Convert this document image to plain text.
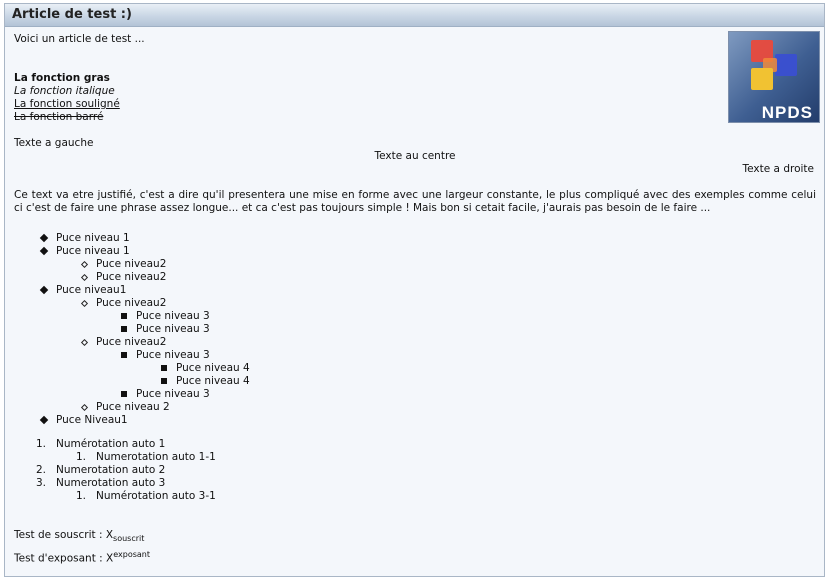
Article de test :)
NPDS

Voici un article de test ...

La fonction gras

La fonction italique

La fonction souligné

La fonction barré

Texte a gauche

Texte au centre

Texte a droite

Ce text va etre justifié, c'est a dire qu'il presentera une mise en forme avec une largeur constante, le plus compliqué avec des exemples comme celui ci c'est de faire une phrase assez longue... et ca c'est pas toujours simple ! Mais bon si cetait facile, j'aurais pas besoin de le faire ...

Puce niveau 1
Puce niveau 1
Puce niveau2
Puce niveau2
Puce niveau1
Puce niveau2
Puce niveau 3
Puce niveau 3
Puce niveau2
Puce niveau 3
Puce niveau 4
Puce niveau 4
Puce niveau 3
Puce niveau 2
Puce Niveau1
1. Numérotation auto 1
1. Numerotation auto 1-1
2. Numerotation auto 2
3. Numerotation auto 3
1. Numérotation auto 3-1

Test de souscrit : $X_{souscrit}$

Test d'exposant : $X^{exposant}$
